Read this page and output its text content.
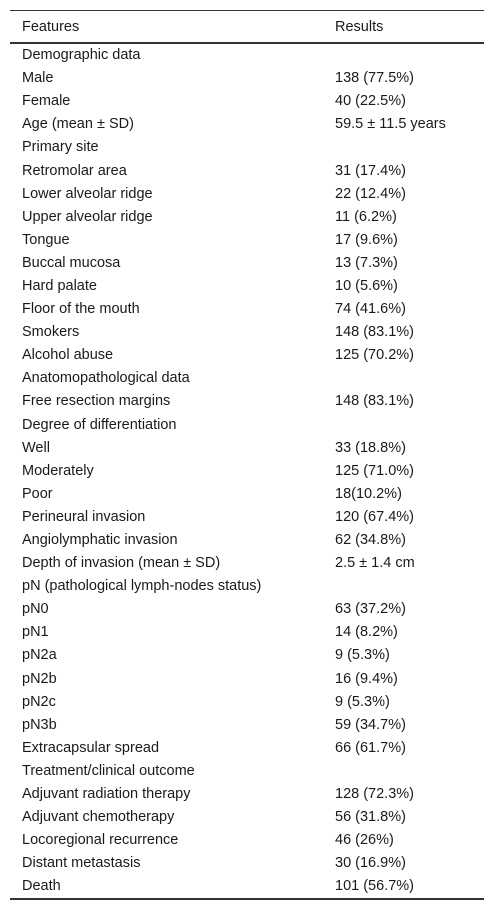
Features	Results
Demographic data	
Male	138 (77.5%)
Female	40 (22.5%)
Age (mean ± SD)	59.5 ± 11.5 years
Primary site	
Retromolar area	31 (17.4%)
Lower alveolar ridge	22 (12.4%)
Upper alveolar ridge	11 (6.2%)
Tongue	17 (9.6%)
Buccal mucosa	13 (7.3%)
Hard palate	10 (5.6%)
Floor of the mouth	74 (41.6%)
Smokers	148 (83.1%)
Alcohol abuse	125 (70.2%)
Anatomopathological data	
Free resection margins	148 (83.1%)
Degree of differentiation	
Well	33 (18.8%)
Moderately	125 (71.0%)
Poor	18(10.2%)
Perineural invasion	120 (67.4%)
Angiolymphatic invasion	62 (34.8%)
Depth of invasion (mean ± SD)	2.5 ± 1.4 cm
pN (pathological lymph-nodes status)	
pN0	63 (37.2%)
pN1	14 (8.2%)
pN2a	9 (5.3%)
pN2b	16 (9.4%)
pN2c	9 (5.3%)
pN3b	59 (34.7%)
Extracapsular spread	66 (61.7%)
Treatment/clinical outcome	
Adjuvant radiation therapy	128 (72.3%)
Adjuvant chemotherapy	56 (31.8%)
Locoregional recurrence	46 (26%)
Distant metastasis	30 (16.9%)
Death	101 (56.7%)
